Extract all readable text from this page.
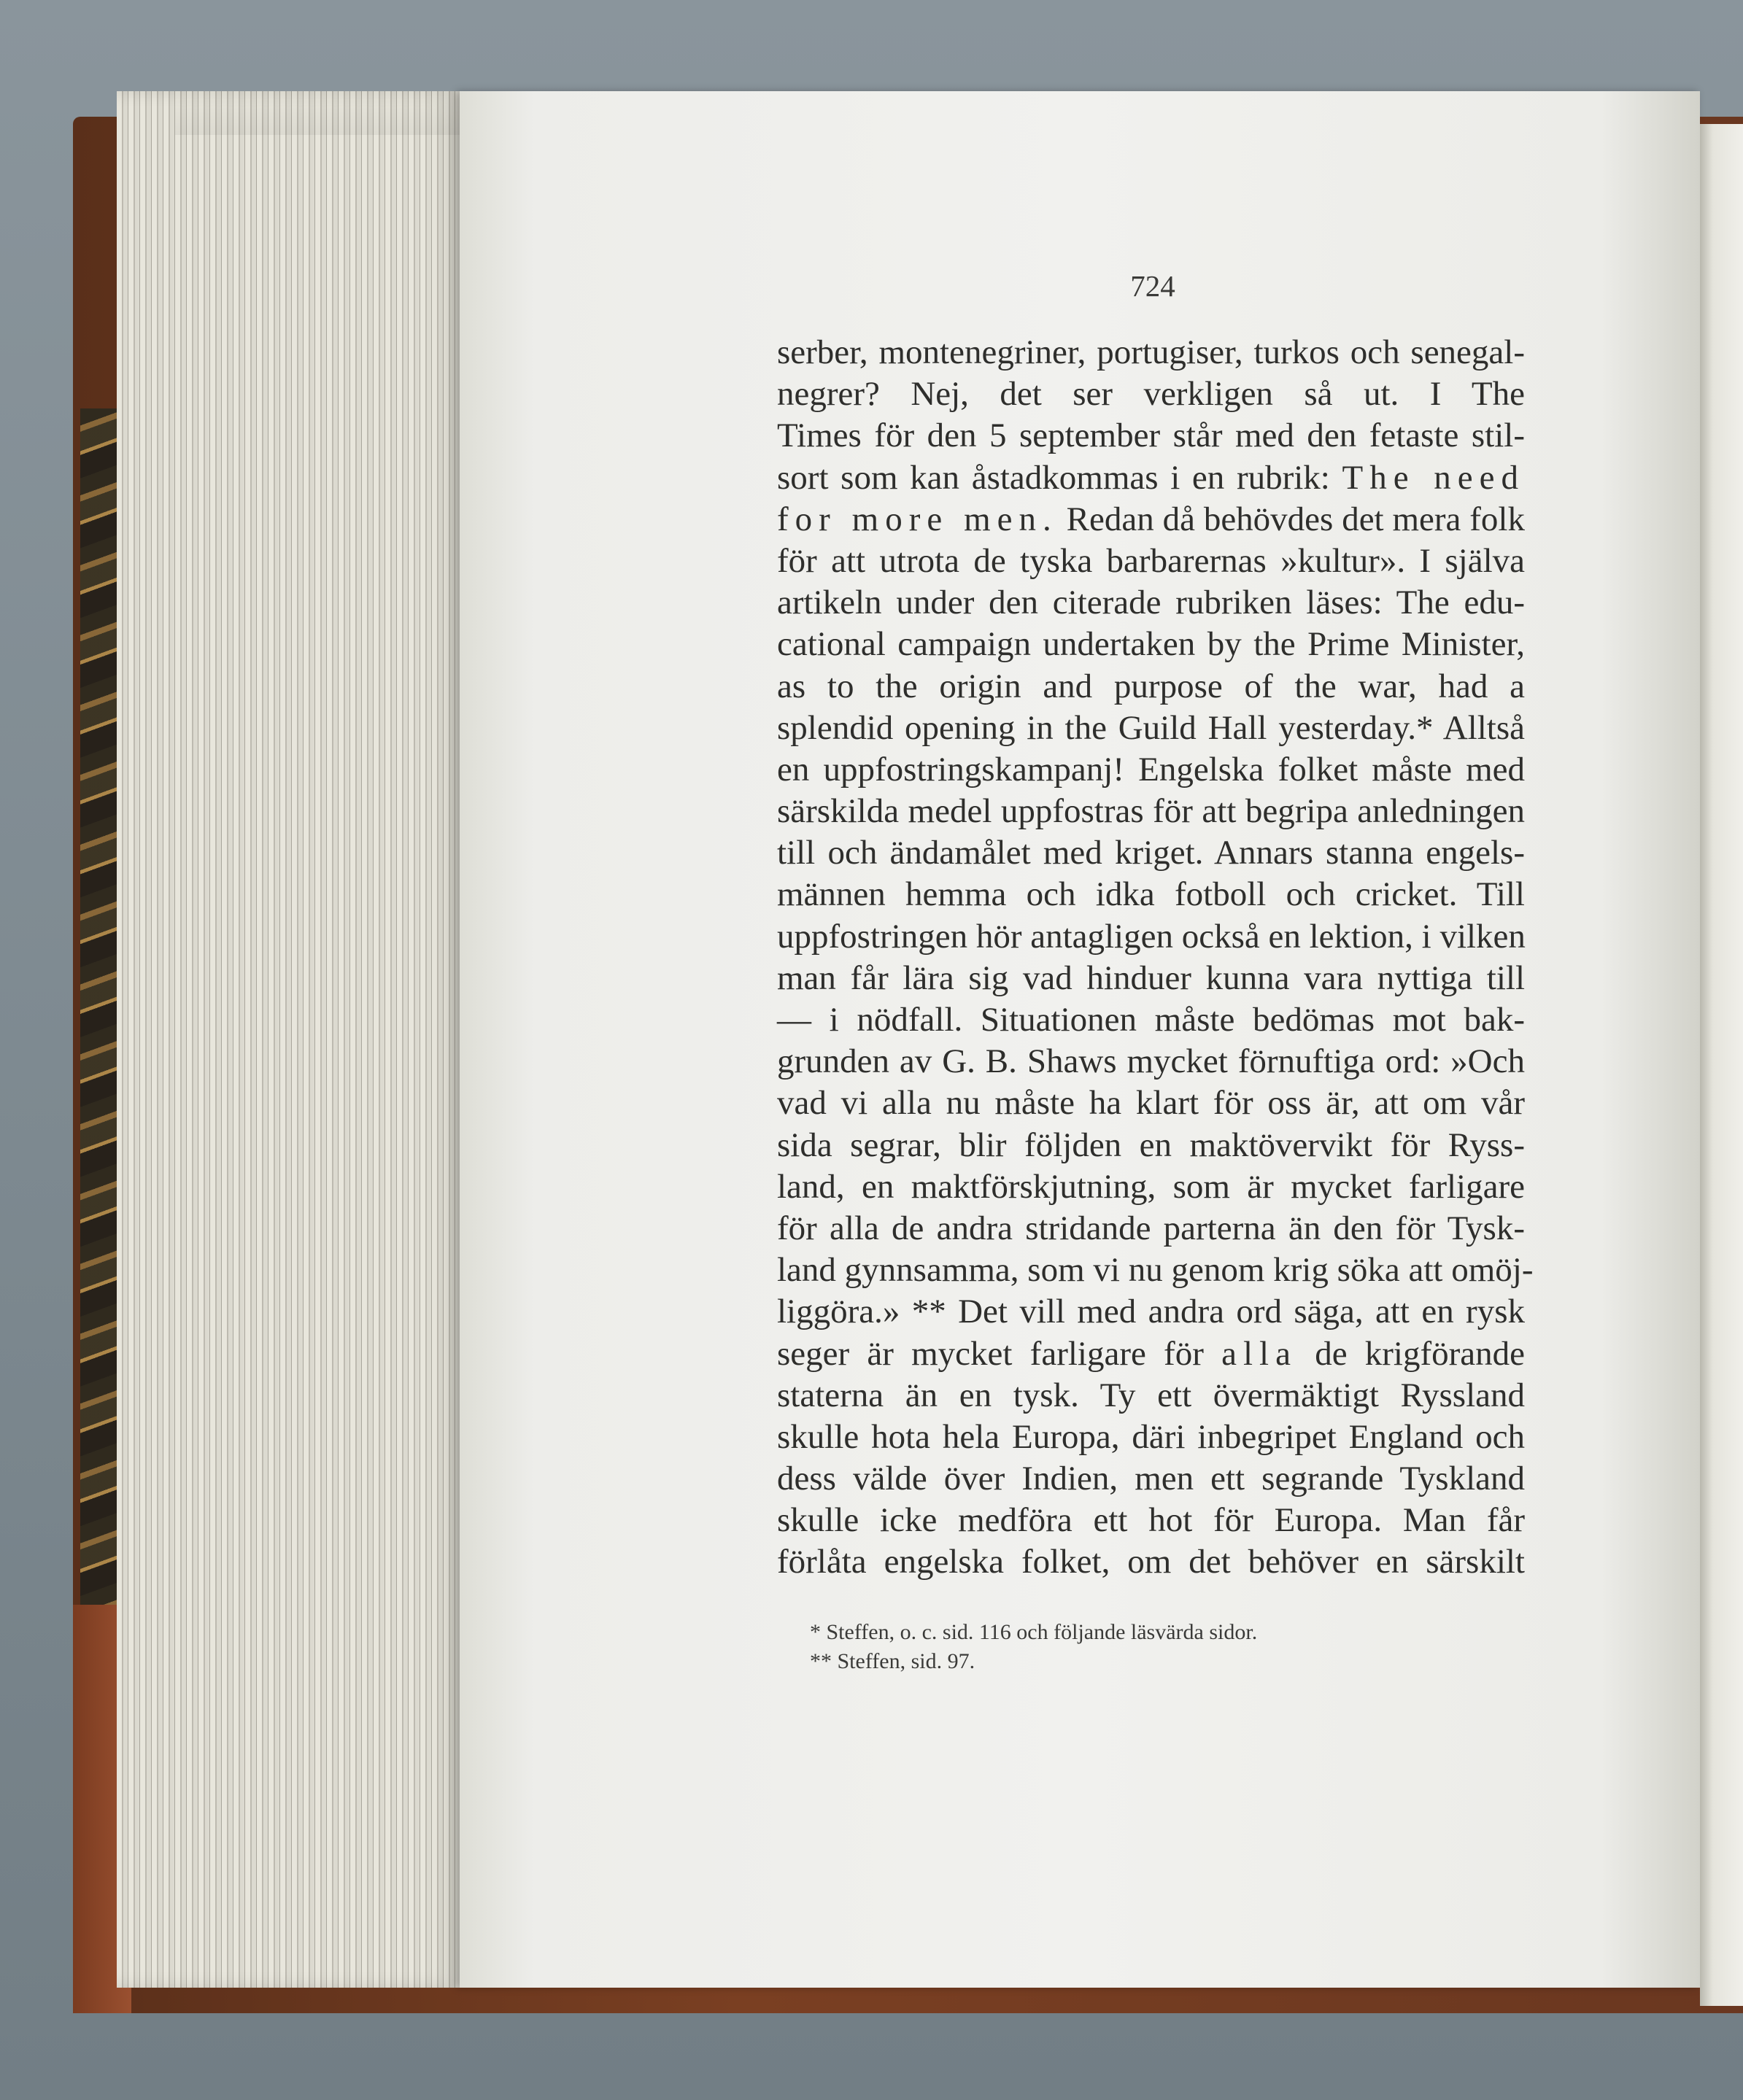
724
serber, montenegriner, portugiser, turkos och senegal-
negrer? Nej, det ser verkligen så ut. I The
Times för den 5 september står med den fetaste stil-
sort som kan åstadkommas i en rubrik: The need
for more men. Redan då behövdes det mera folk
för att utrota de tyska barbarernas »kultur». I själva
artikeln under den citerade rubriken läses: The edu-
cational campaign undertaken by the Prime Minister,
as to the origin and purpose of the war, had a
splendid opening in the Guild Hall yesterday.* Alltså
en uppfostringskampanj! Engelska folket måste med
särskilda medel uppfostras för att begripa anledningen
till och ändamålet med kriget. Annars stanna engels-
männen hemma och idka fotboll och cricket. Till
uppfostringen hör antagligen också en lektion, i vilken
man får lära sig vad hinduer kunna vara nyttiga till
— i nödfall. Situationen måste bedömas mot bak-
grunden av G. B. Shaws mycket förnuftiga ord: »Och
vad vi alla nu måste ha klart för oss är, att om vår
sida segrar, blir följden en maktövervikt för Ryss-
land, en maktförskjutning, som är mycket farligare
för alla de andra stridande parterna än den för Tysk-
land gynnsamma, som vi nu genom krig söka att omöj-
liggöra.» ** Det vill med andra ord säga, att en rysk
seger är mycket farligare för alla de krigförande
staterna än en tysk. Ty ett övermäktigt Ryssland
skulle hota hela Europa, däri inbegripet England och
dess välde över Indien, men ett segrande Tyskland
skulle icke medföra ett hot för Europa. Man får
förlåta engelska folket, om det behöver en särskilt
* Steffen, o. c. sid. 116 och följande läsvärda sidor.
** Steffen, sid. 97.
